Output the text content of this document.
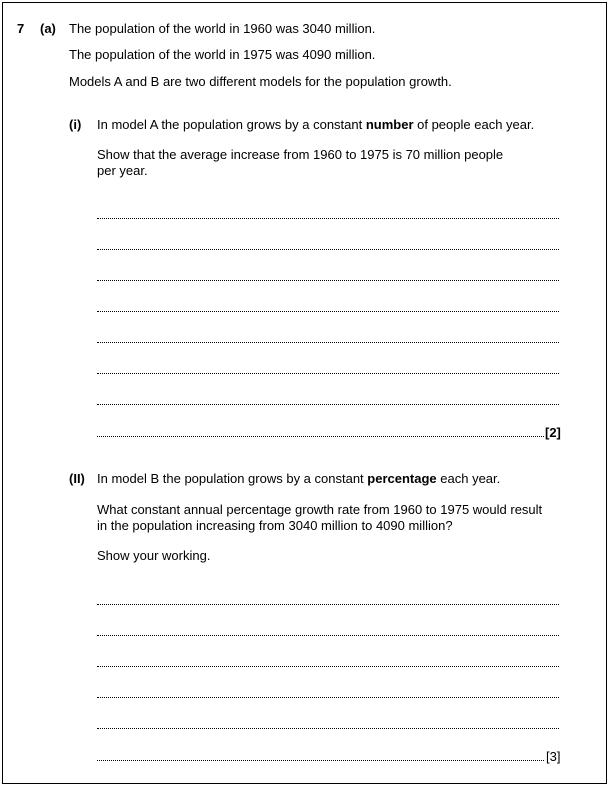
7 (a) The population of the world in 1960 was 3040 million.
The population of the world in 1975 was 4090 million.
Models A and B are two different models for the population growth.
(i) In model A the population grows by a constant number of people each year.
Show that the average increase from 1960 to 1975 is 70 million people
per year.
[2]
(II) In model B the population grows by a constant percentage each year.
What constant annual percentage growth rate from 1960 to 1975 would result
in the population increasing from 3040 million to 4090 million?
Show your working.
[3]
